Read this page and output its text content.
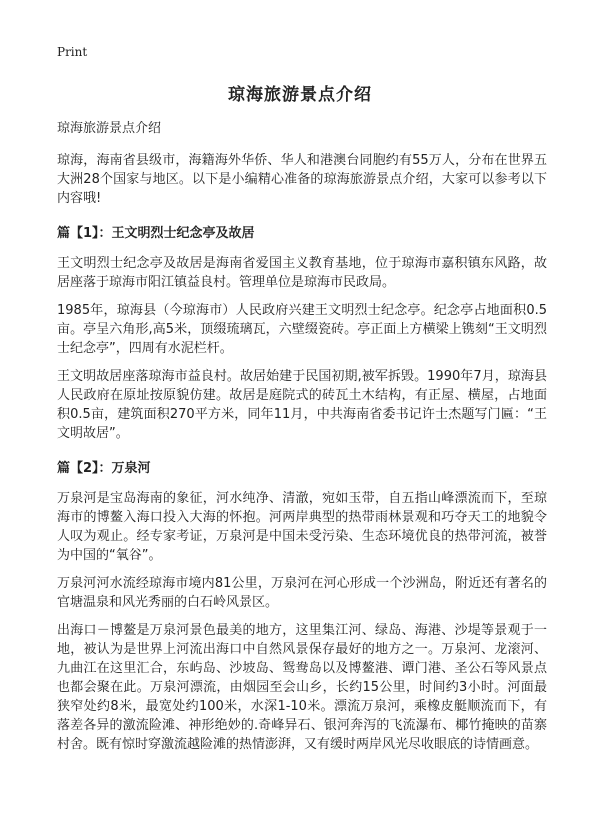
Print
琼海旅游景点介绍
琼海旅游景点介绍

琼海，海南省县级市，海籍海外华侨、华人和港澳台同胞约有55万人，分布在世界五大洲28个国家与地区。以下是小编精心准备的琼海旅游景点介绍，大家可以参考以下内容哦!

篇【1】：王文明烈士纪念亭及故居

王文明烈士纪念亭及故居是海南省爱国主义教育基地，位于琼海市嘉积镇东风路，故居座落于琼海市阳江镇益良村。管理单位是琼海市民政局。

1985年，琼海县（今琼海市）人民政府兴建王文明烈士纪念亭。纪念亭占地面积0.5亩。亭呈六角形,高5米，顶缀琉璃瓦，六壁缀瓷砖。亭正面上方横梁上镌刻“王文明烈士纪念亭”，四周有水泥栏杆。

王文明故居座落琼海市益良村。故居始建于民国初期,被军拆毁。1990年7月，琼海县人民政府在原址按原貌仿建。故居是庭院式的砖瓦土木结构，有正屋、横屋，占地面积0.5亩，建筑面积270平方米，同年11月，中共海南省委书记许士杰题写门匾：“王文明故居”。

篇【2】：万泉河

万泉河是宝岛海南的象征，河水纯净、清澈，宛如玉带，自五指山峰漂流而下，至琼海市的博鳌入海口投入大海的怀抱。河两岸典型的热带雨林景观和巧夺天工的地貌令人叹为观止。经专家考证，万泉河是中国未受污染、生态环境优良的热带河流，被誉为中国的“氧谷”。

万泉河河水流经琼海市境内81公里，万泉河在河心形成一个沙洲岛，附近还有著名的官塘温泉和风光秀丽的白石岭风景区。

出海口－博鳌是万泉河景色最美的地方，这里集江河、绿岛、海港、沙堤等景观于一地，被认为是世界上河流出海口中自然风景保存最好的地方之一。万泉河、龙滚河、九曲江在这里汇合，东屿岛、沙坡岛、鸳鸯岛以及博鳌港、谭门港、圣公石等风景点也都会聚在此。万泉河漂流，由烟园至会山乡，长约15公里，时间约3小时。河面最狭窄处约8米，最宽处约100米，水深1-10米。漂流万泉河，乘橡皮艇顺流而下，有落差各异的激流险滩、神形绝妙的.奇峰异石、银河奔泻的飞流瀑布、椰竹掩映的苗寨村舍。既有惊时穿激流越险滩的热情澎湃，又有缓时两岸风光尽收眼底的诗情画意。
